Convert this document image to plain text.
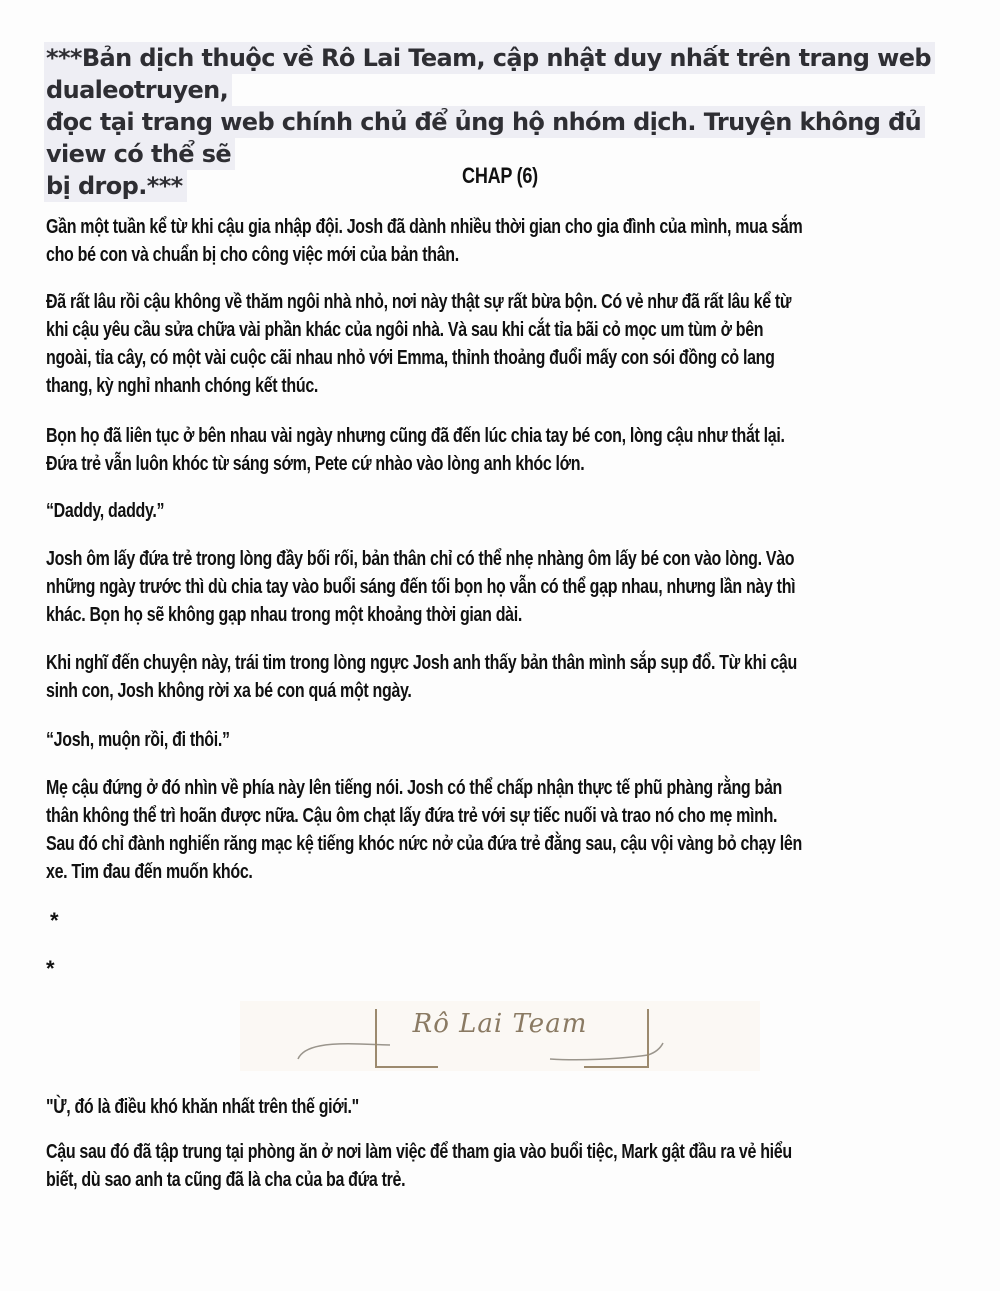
***Bản dịch thuộc về Rô Lai Team, cập nhật duy nhất trên trang web dualeotruyen,
đọc tại trang web chính chủ để ủng hộ nhóm dịch. Truyện không đủ view có thể sẽ
bị drop.***	CHAP (6)

Gần một tuần kể từ khi cậu gia nhập đội. Josh đã dành nhiều thời gian cho gia đình của mình, mua sắm
cho bé con và chuẩn bị cho công việc mới của bản thân.

Đã rất lâu rồi cậu không về thăm ngôi nhà nhỏ, nơi này thật sự rất bừa bộn. Có vẻ như đã rất lâu kể từ
khi cậu yêu cầu sửa chữa vài phần khác của ngôi nhà. Và sau khi cắt tỉa bãi cỏ mọc um tùm ở bên
ngoài, tỉa cây, có một vài cuộc cãi nhau nhỏ với Emma, thỉnh thoảng đuổi mấy con sói đồng cỏ lang
thang, kỳ nghỉ nhanh chóng kết thúc.

Bọn họ đã liên tục ở bên nhau vài ngày nhưng cũng đã đến lúc chia tay bé con, lòng cậu như thắt lại.
Đứa trẻ vẫn luôn khóc từ sáng sớm, Pete cứ nhào vào lòng anh khóc lớn.

“Daddy, daddy.”

Josh ôm lấy đứa trẻ trong lòng đầy bối rối, bản thân chỉ có thể nhẹ nhàng ôm lấy bé con vào lòng. Vào
những ngày trước thì dù chia tay vào buổi sáng đến tối bọn họ vẫn có thể gạp nhau, nhưng lần này thì
khác. Bọn họ sẽ không gạp nhau trong một khoảng thời gian dài.

Khi nghĩ đến chuyện này, trái tim trong lòng ngực Josh anh thấy bản thân mình sắp sụp đổ. Từ khi cậu
sinh con, Josh không rời xa bé con quá một ngày.

“Josh, muộn rồi, đi thôi.”

Mẹ cậu đứng ở đó nhìn về phía này lên tiếng nói. Josh có thể chấp nhận thực tế phũ phàng rằng bản
thân không thể trì hoãn được nữa. Cậu ôm chạt lấy đứa trẻ với sự tiếc nuối và trao nó cho mẹ mình.
Sau đó chỉ đành nghiến răng mạc kệ tiếng khóc nức nở của đứa trẻ đằng sau, cậu vội vàng bỏ chạy lên
xe. Tim đau đến muốn khóc.

*
*
Rô Lai Team

"Ừ, đó là điều khó khăn nhất trên thế giới."

Cậu sau đó đã tập trung tại phòng ăn ở nơi làm việc để tham gia vào buổi tiệc, Mark gật đầu ra vẻ hiểu
biết, dù sao anh ta cũng đã là cha của ba đứa trẻ.
